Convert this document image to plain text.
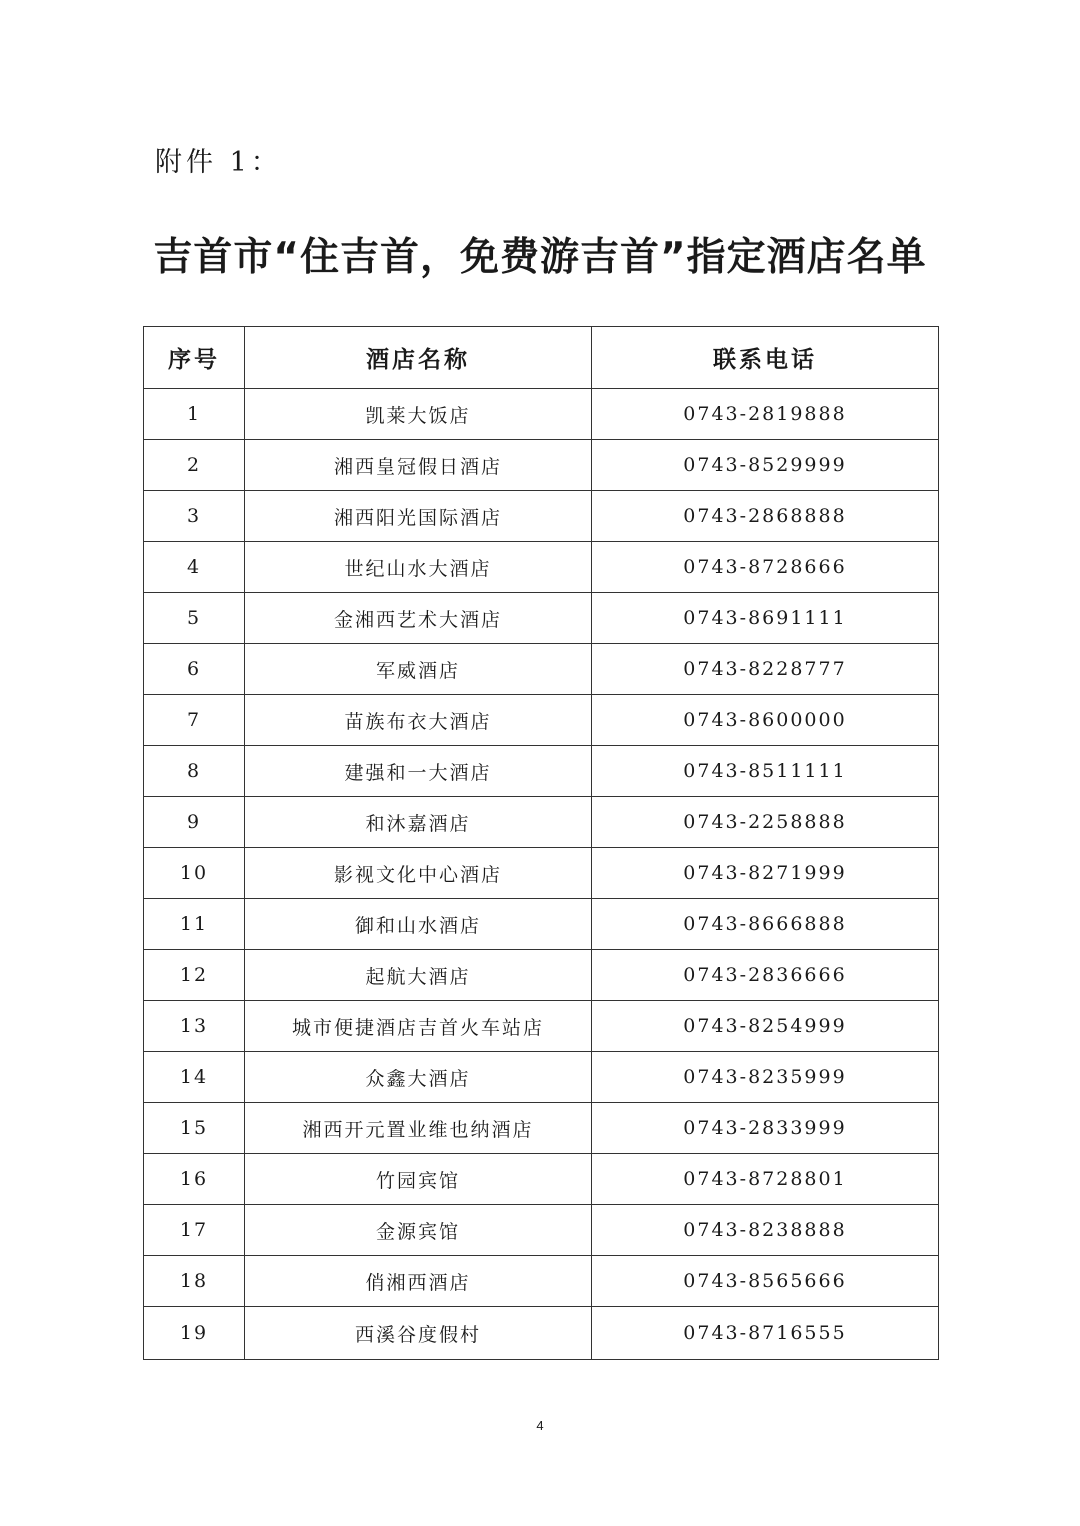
附件 1：
吉首市“住吉首，免费游吉首”指定酒店名单
序号	酒店名称	联系电话
1	凯莱大饭店	0743-2819888
2	湘西皇冠假日酒店	0743-8529999
3	湘西阳光国际酒店	0743-2868888
4	世纪山水大酒店	0743-8728666
5	金湘西艺术大酒店	0743-8691111
6	军威酒店	0743-8228777
7	苗族布衣大酒店	0743-8600000
8	建强和一大酒店	0743-8511111
9	和沐嘉酒店	0743-2258888
10	影视文化中心酒店	0743-8271999
11	御和山水酒店	0743-8666888
12	起航大酒店	0743-2836666
13	城市便捷酒店吉首火车站店	0743-8254999
14	众鑫大酒店	0743-8235999
15	湘西开元置业维也纳酒店	0743-2833999
16	竹园宾馆	0743-8728801
17	金源宾馆	0743-8238888
18	俏湘西酒店	0743-8565666
19	西溪谷度假村	0743-8716555
4
